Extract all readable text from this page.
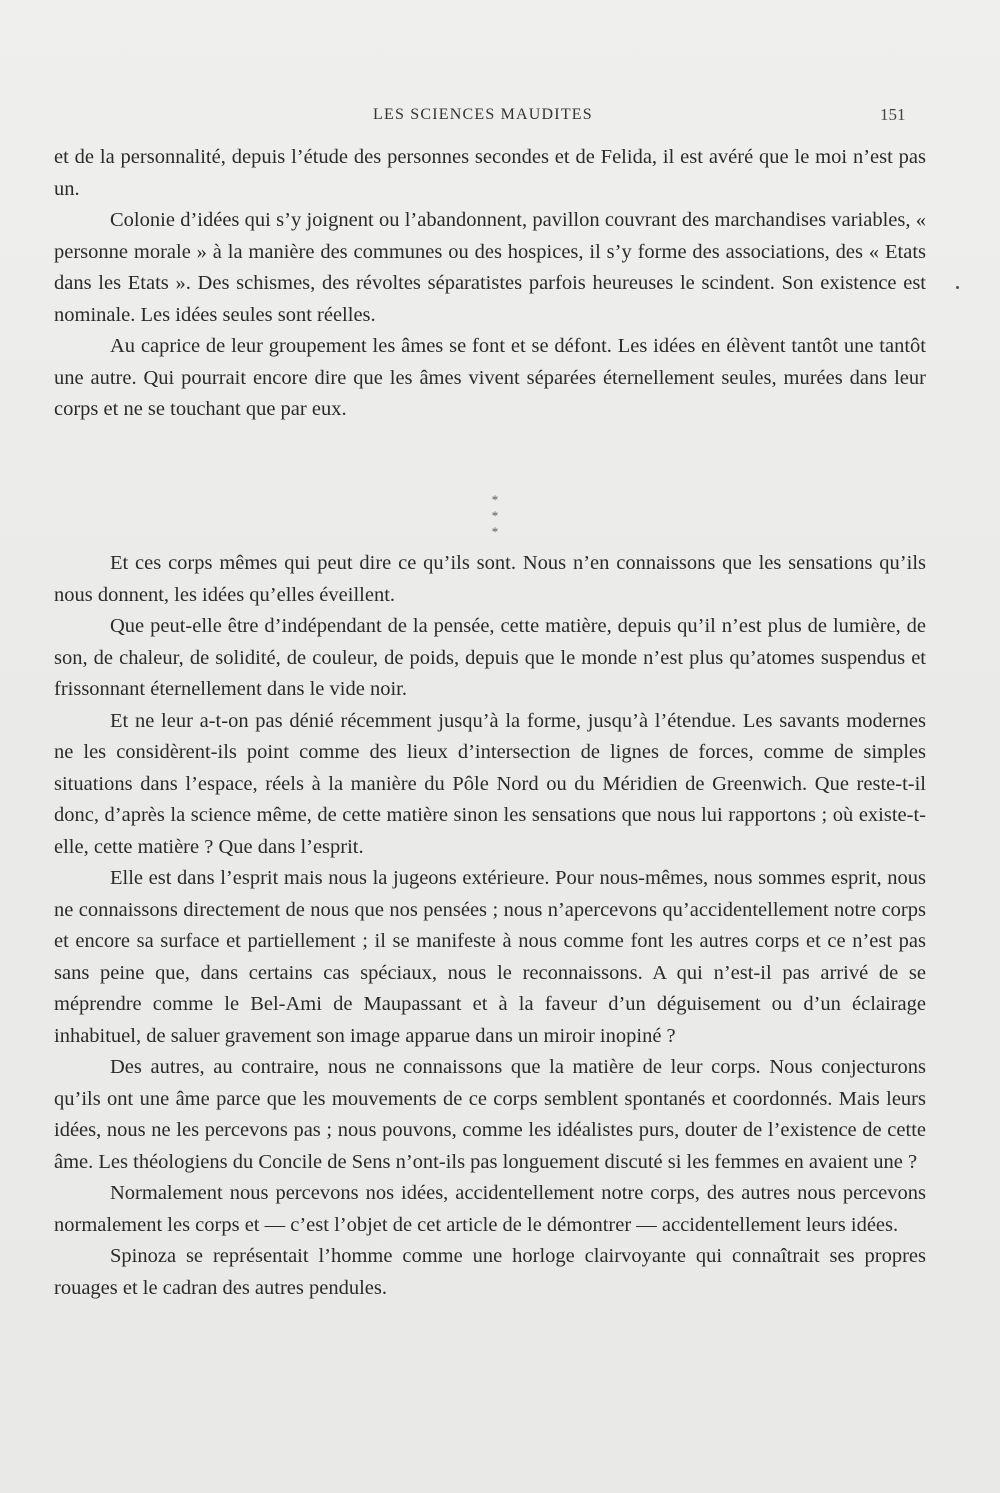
LES SCIENCES MAUDITES	151

et de la personnalité, depuis l’étude des personnes secondes et de Felida, il est avéré que le moi n’est pas un.

Colonie d’idées qui s’y joignent ou l’abandonnent, pavillon couvrant des marchandises variables, « personne morale » à la manière des communes ou des hospices, il s’y forme des associations, des « Etats dans les Etats ». Des schismes, des révoltes séparatistes parfois heureuses le scindent. Son existence est nominale. Les idées seules sont réelles.

Au caprice de leur groupement les âmes se font et se défont. Les idées en élèvent tantôt une tantôt une autre. Qui pourrait encore dire que les âmes vivent séparées éternellement seules, murées dans leur corps et ne se touchant que par eux.

*
* *

Et ces corps mêmes qui peut dire ce qu’ils sont. Nous n’en connaissons que les sensations qu’ils nous donnent, les idées qu’elles éveillent.

Que peut-elle être d’indépendant de la pensée, cette matière, depuis qu’il n’est plus de lumière, de son, de chaleur, de solidité, de couleur, de poids, depuis que le monde n’est plus qu’atomes suspendus et frissonnant éternellement dans le vide noir.

Et ne leur a-t-on pas dénié récemment jusqu’à la forme, jusqu’à l’étendue. Les savants modernes ne les considèrent-ils point comme des lieux d’intersection de lignes de forces, comme de simples situations dans l’espace, réels à la manière du Pôle Nord ou du Méridien de Greenwich. Que reste-t-il donc, d’après la science même, de cette matière sinon les sensations que nous lui rapportons ; où existe-t-elle, cette matière ? Que dans l’esprit.

Elle est dans l’esprit mais nous la jugeons extérieure. Pour nous-mêmes, nous sommes esprit, nous ne connaissons directement de nous que nos pensées ; nous n’apercevons qu’accidentellement notre corps et encore sa surface et partiellement ; il se manifeste à nous comme font les autres corps et ce n’est pas sans peine que, dans certains cas spéciaux, nous le reconnaissons. A qui n’est-il pas arrivé de se méprendre comme le Bel-Ami de Maupassant et à la faveur d’un déguisement ou d’un éclairage inhabituel, de saluer gravement son image apparue dans un miroir inopiné ?

Des autres, au contraire, nous ne connaissons que la matière de leur corps. Nous conjecturons qu’ils ont une âme parce que les mouvements de ce corps semblent spontanés et coordonnés. Mais leurs idées, nous ne les percevons pas ; nous pouvons, comme les idéalistes purs, douter de l’existence de cette âme. Les théologiens du Concile de Sens n’ont-ils pas longuement discuté si les femmes en avaient une ?

Normalement nous percevons nos idées, accidentellement notre corps, des autres nous percevons normalement les corps et — c’est l’objet de cet article de le démontrer — accidentellement leurs idées.

Spinoza se représentait l’homme comme une horloge clairvoyante qui connaîtrait ses propres rouages et le cadran des autres pendules.
